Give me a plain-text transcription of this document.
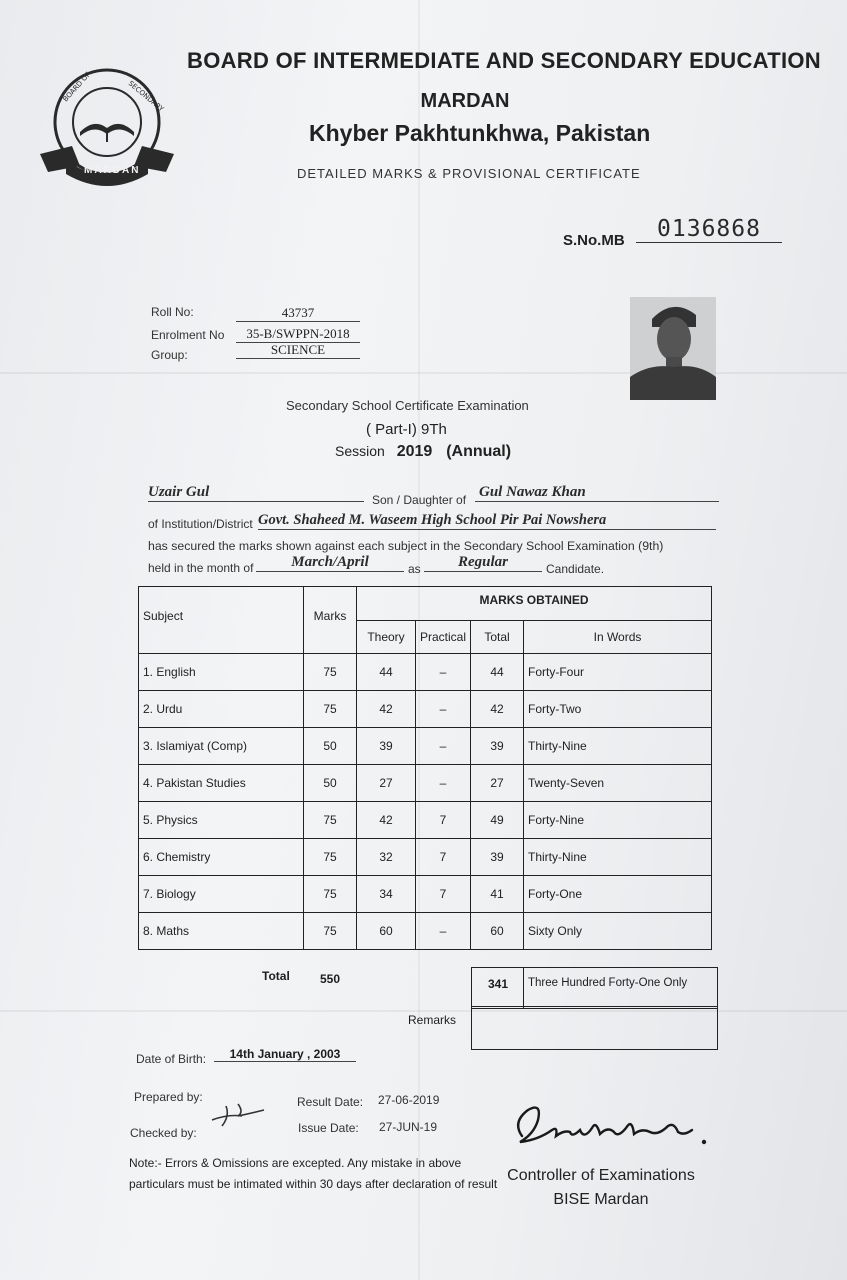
BOARD OF	SECONDARY
MARDAN
BOARD OF INTERMEDIATE AND SECONDARY EDUCATION
MARDAN
Khyber Pakhtunkhwa, Pakistan
DETAILED MARKS & PROVISIONAL CERTIFICATE
S.No.MB	0136868
Roll No:	43737
Enrolment No	35-B/SWPPN-2018
Group:	SCIENCE
Secondary School Certificate Examination
( Part-I) 9Th
Session 2019 (Annual)
Uzair Gul	Son / Daughter of Gul Nawaz Khan
of Institution/District Govt. Shaheed M. Waseem High School Pir Pai Nowshera
has secured the marks shown against each subject in the Secondary School Examination (9th)
held in the month of	March/April	as	Regular	Candidate.
Subject	Marks	MARKS OBTAINED			
		Theory	Practical	Total	In Words
1. English	75	44	–	44	Forty-Four
2. Urdu	75	42	–	42	Forty-Two
3. Islamiyat (Comp)	50	39	–	39	Thirty-Nine
4. Pakistan Studies	50	27	–	27	Twenty-Seven
5. Physics	75	42	7	49	Forty-Nine
6. Chemistry	75	32	7	39	Thirty-Nine
7. Biology	75	34	7	41	Forty-One
8. Maths	75	60	–	60	Sixty Only
Total	550	341 Three Hundred Forty-One Only
Remarks
Date of Birth:	14th January , 2003
Prepared by:
Checked by:
Result Date: 27-06-2019
Issue Date: 27-JUN-19
Note:- Errors & Omissions are excepted. Any mistake in above
particulars must be intimated within 30 days after declaration of result Controller of Examinations
BISE Mardan
